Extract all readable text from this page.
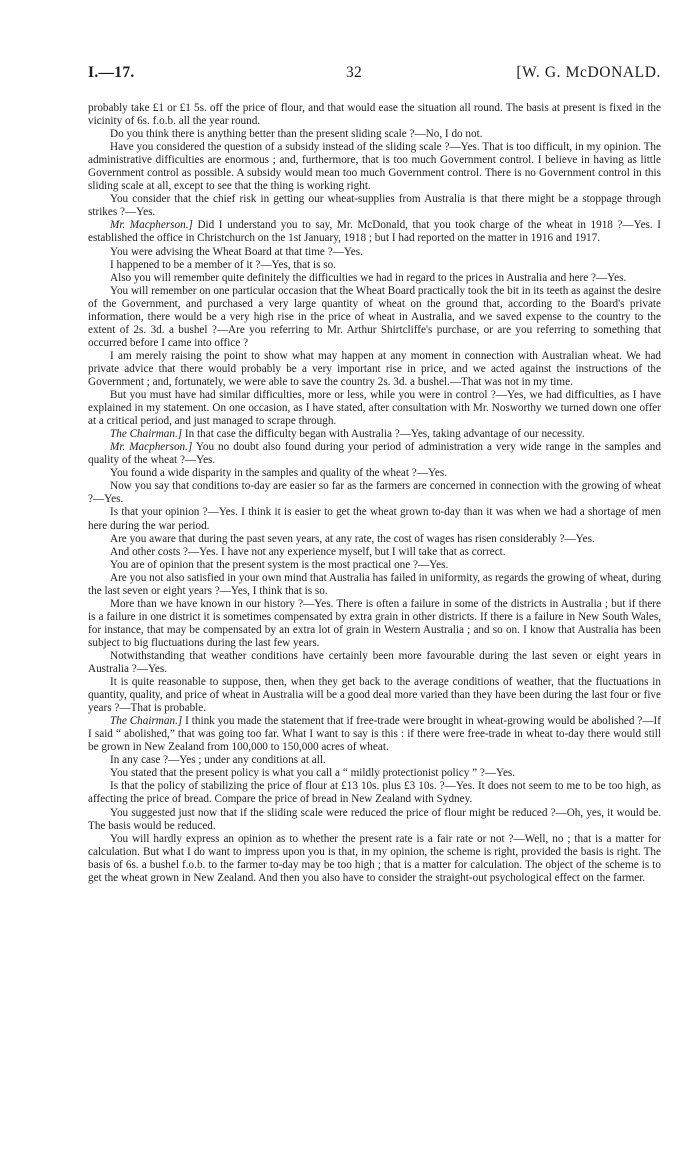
I.—17.	32	[W. G. McDONALD.

probably take £1 or £1 5s. off the price of flour, and that would ease the situation all round. The basis at present is fixed in the vicinity of 6s. f.o.b. all the year round.

Do you think there is anything better than the present sliding scale ?—No, I do not.

Have you considered the question of a subsidy instead of the sliding scale ?—Yes. That is too difficult, in my opinion. The administrative difficulties are enormous ; and, furthermore, that is too much Government control. I believe in having as little Government control as possible. A subsidy would mean too much Government control. There is no Government control in this sliding scale at all, except to see that the thing is working right.

You consider that the chief risk in getting our wheat-supplies from Australia is that there might be a stoppage through strikes ?—Yes.

Mr. Macpherson.] Did I understand you to say, Mr. McDonald, that you took charge of the wheat in 1918 ?—Yes. I established the office in Christchurch on the 1st January, 1918 ; but I had reported on the matter in 1916 and 1917.

You were advising the Wheat Board at that time ?—Yes.

I happened to be a member of it ?—Yes, that is so.

Also you will remember quite definitely the difficulties we had in regard to the prices in Australia and here ?—Yes.

You will remember on one particular occasion that the Wheat Board practically took the bit in its teeth as against the desire of the Government, and purchased a very large quantity of wheat on the ground that, according to the Board's private information, there would be a very high rise in the price of wheat in Australia, and we saved expense to the country to the extent of 2s. 3d. a bushel ?—Are you referring to Mr. Arthur Shirtcliffe's purchase, or are you referring to something that occurred before I came into office ?

I am merely raising the point to show what may happen at any moment in connection with Australian wheat. We had private advice that there would probably be a very important rise in price, and we acted against the instructions of the Government ; and, fortunately, we were able to save the country 2s. 3d. a bushel.—That was not in my time.

But you must have had similar difficulties, more or less, while you were in control ?—Yes, we had difficulties, as I have explained in my statement. On one occasion, as I have stated, after consultation with Mr. Nosworthy we turned down one offer at a critical period, and just managed to scrape through.

The Chairman.] In that case the difficulty began with Australia ?—Yes, taking advantage of our necessity.

Mr. Macpherson.] You no doubt also found during your period of administration a very wide range in the samples and quality of the wheat ?—Yes.

You found a wide disparity in the samples and quality of the wheat ?—Yes.

Now you say that conditions to-day are easier so far as the farmers are concerned in connection with the growing of wheat ?—Yes.

Is that your opinion ?—Yes. I think it is easier to get the wheat grown to-day than it was when we had a shortage of men here during the war period.

Are you aware that during the past seven years, at any rate, the cost of wages has risen considerably ?—Yes.

And other costs ?—Yes. I have not any experience myself, but I will take that as correct.

You are of opinion that the present system is the most practical one ?—Yes.

Are you not also satisfied in your own mind that Australia has failed in uniformity, as regards the growing of wheat, during the last seven or eight years ?—Yes, I think that is so.

More than we have known in our history ?—Yes. There is often a failure in some of the districts in Australia ; but if there is a failure in one district it is sometimes compensated by extra grain in other districts. If there is a failure in New South Wales, for instance, that may be compensated by an extra lot of grain in Western Australia ; and so on. I know that Australia has been subject to big fluctuations during the last few years.

Notwithstanding that weather conditions have certainly been more favourable during the last seven or eight years in Australia ?—Yes.

It is quite reasonable to suppose, then, when they get back to the average conditions of weather, that the fluctuations in quantity, quality, and price of wheat in Australia will be a good deal more varied than they have been during the last four or five years ?—That is probable.

The Chairman.] I think you made the statement that if free-trade were brought in wheat-growing would be abolished ?—If I said “ abolished,” that was going too far. What I want to say is this : if there were free-trade in wheat to-day there would still be grown in New Zealand from 100,000 to 150,000 acres of wheat.

In any case ?—Yes ; under any conditions at all.

You stated that the present policy is what you call a “ mildly protectionist policy ” ?—Yes.

Is that the policy of stabilizing the price of flour at £13 10s. plus £3 10s. ?—Yes. It does not seem to me to be too high, as affecting the price of bread. Compare the price of bread in New Zealand with Sydney.

You suggested just now that if the sliding scale were reduced the price of flour might be reduced ?—Oh, yes, it would be. The basis would be reduced.

You will hardly express an opinion as to whether the present rate is a fair rate or not ?—Well, no ; that is a matter for calculation. But what I do want to impress upon you is that, in my opinion, the scheme is right, provided the basis is right. The basis of 6s. a bushel f.o.b. to the farmer to-day may be too high ; that is a matter for calculation. The object of the scheme is to get the wheat grown in New Zealand. And then you also have to consider the straight-out psychological effect on the farmer.
